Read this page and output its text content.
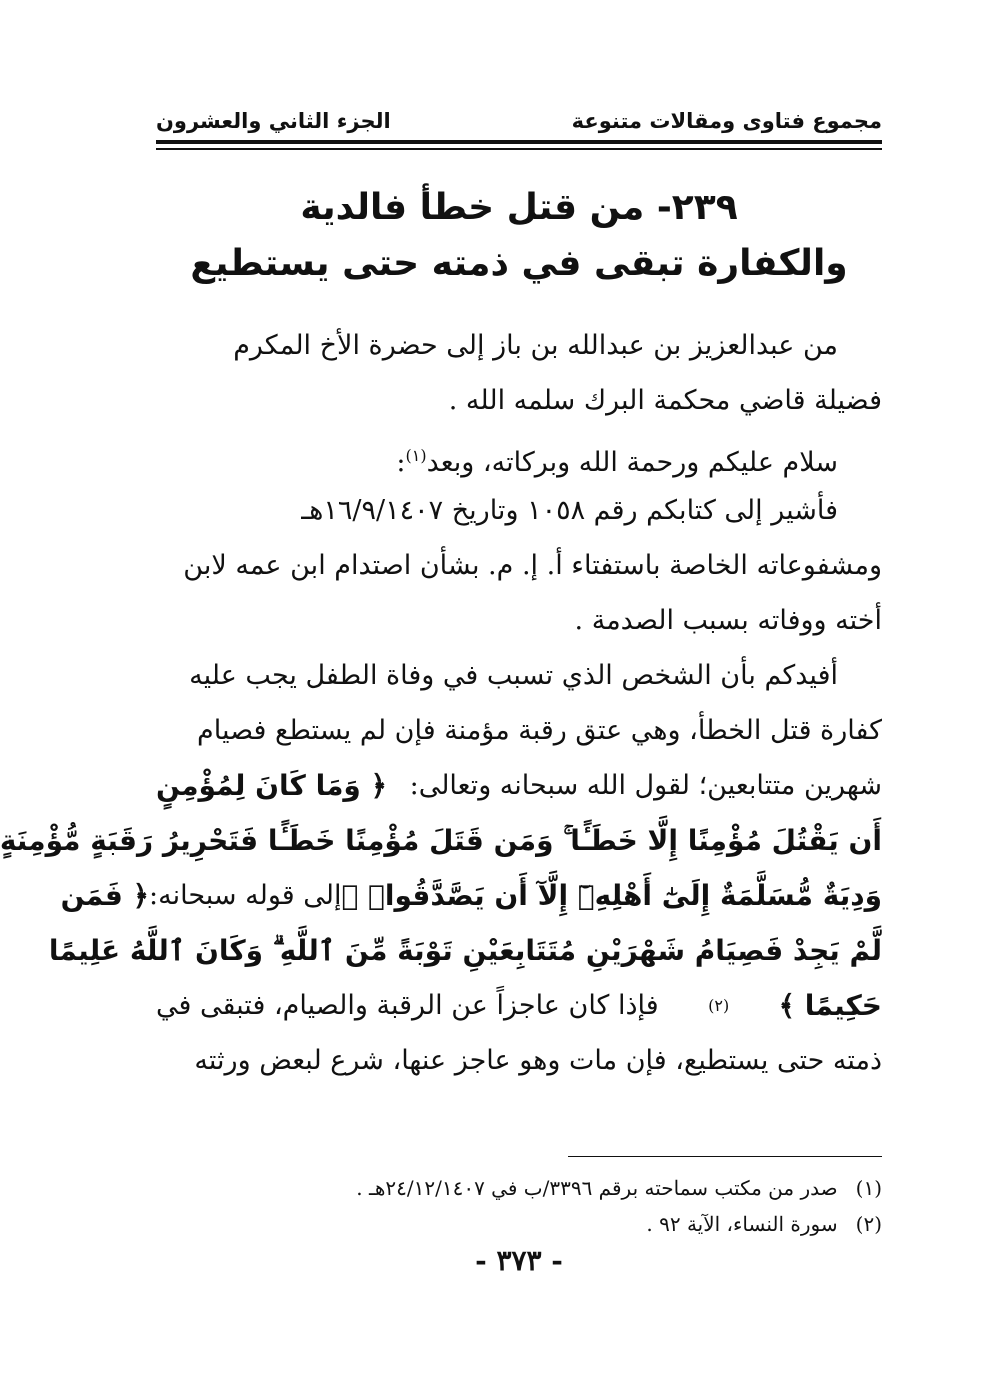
مجموع فتاوى ومقالات متنوعة
الجزء الثاني والعشرون
٢٣٩- من قتل خطأ فالدية
والكفارة تبقى في ذمته حتى يستطيع
من عبدالعزيز بن عبدالله بن باز إلى حضرة الأخ المكرم
فضيلة قاضي محكمة البرك سلمه الله .
سلام عليكم ورحمة الله وبركاته، وبعد$^{(١)}$:
فأشير إلى كتابكم رقم ١٠٥٨ وتاريخ ١٦/٩/١٤٠٧هـ
ومشفوعاته الخاصة باستفتاء أ. إ. م. بشأن اصتدام ابن عمه لابن
أخته ووفاته بسبب الصدمة .
أفيدكم بأن الشخص الذي تسبب في وفاة الطفل يجب عليه
كفارة قتل الخطأ، وهي عتق رقبة مؤمنة فإن لم يستطع فصيام
شهرين متتابعين؛ لقول الله سبحانه وتعالى:
﴿ وَمَا كَانَ لِمُؤْمِنٍ
أَن يَقْتُلَ مُؤْمِنًا إِلَّا خَطَـًٔا ۚ وَمَن قَتَلَ مُؤْمِنًا خَطَـًٔا فَتَحْرِيرُ رَقَبَةٍ مُّؤْمِنَةٍ
وَدِيَةٌ مُّسَلَّمَةٌ إِلَىٰٓ أَهْلِهِۦٓ إِلَّآ أَن يَصَّدَّقُوا۟ ﴾
إلى قوله سبحانه:
﴿ فَمَن
لَّمْ يَجِدْ فَصِيَامُ شَهْرَيْنِ مُتَتَابِعَيْنِ تَوْبَةً مِّنَ ٱللَّهِ ۗ وَكَانَ ٱللَّهُ عَلِيمًا
حَكِيمًا ﴾
(٢)
فإذا كان عاجزاً عن الرقبة والصيام، فتبقى في
ذمته حتى يستطيع، فإن مات وهو عاجز عنها، شرع لبعض ورثته
(١)
صدر من مكتب سماحته برقم ٣٣٩٦/ب في ٢٤/١٢/١٤٠٧هـ .
(٢)
سورة النساء، الآية ٩٢ .
- ٣٧٣ -
